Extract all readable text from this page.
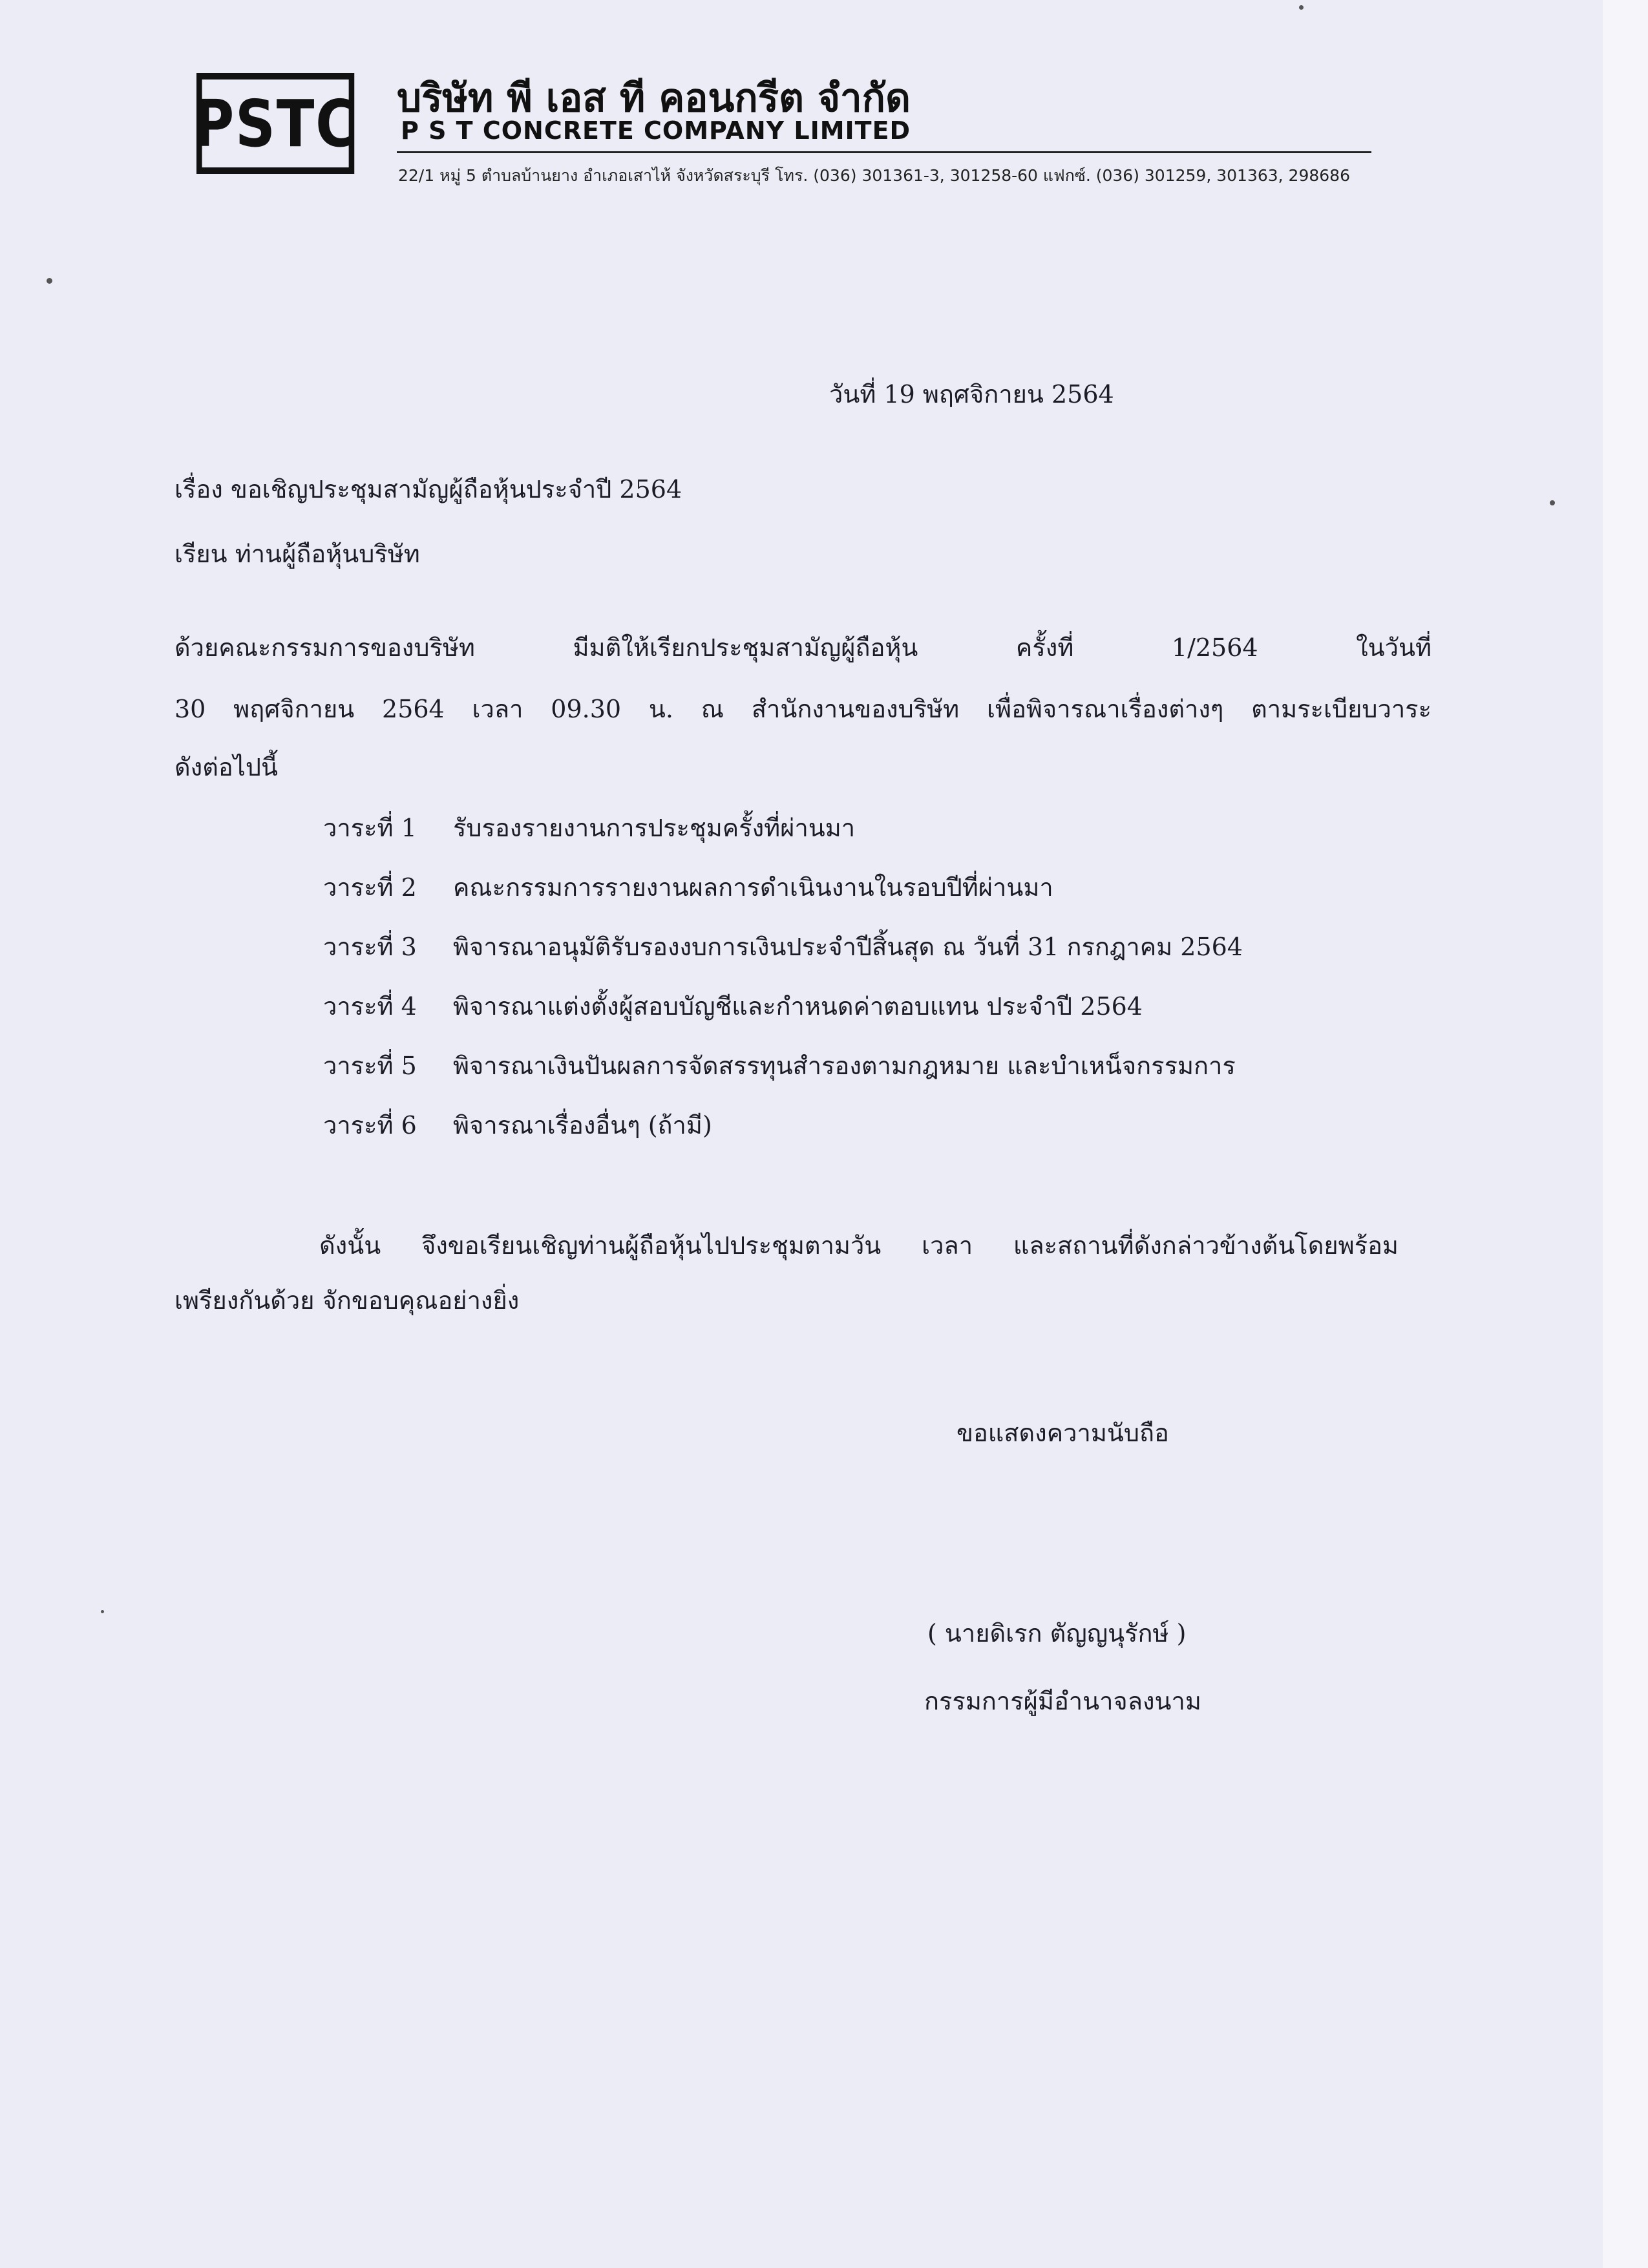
PSTC บริษัท พี เอส ที คอนกรีต จำกัด
P S T CONCRETE COMPANY LIMITED
22/1 หมู่ 5 ตำบลบ้านยาง อำเภอเสาไห้ จังหวัดสระบุรี โทร. (036) 301361-3, 301258-60 แฟกซ์. (036) 301259, 301363, 298686
วันที่ 19 พฤศจิกายน 2564
เรื่อง ขอเชิญประชุมสามัญผู้ถือหุ้นประจำปี 2564
เรียน ท่านผู้ถือหุ้นบริษัท
ด้วยคณะกรรมการของบริษัท มีมติให้เรียกประชุมสามัญผู้ถือหุ้น ครั้งที่ 1/2564 ในวันที่
30 พฤศจิกายน 2564 เวลา 09.30 น. ณ สำนักงานของบริษัท เพื่อพิจารณาเรื่องต่างๆ ตามระเบียบวาระ
ดังต่อไปนี้
วาระที่ 1 รับรองรายงานการประชุมครั้งที่ผ่านมา
วาระที่ 2 คณะกรรมการรายงานผลการดำเนินงานในรอบปีที่ผ่านมา
วาระที่ 3 พิจารณาอนุมัติรับรองงบการเงินประจำปีสิ้นสุด ณ วันที่ 31 กรกฎาคม 2564
วาระที่ 4 พิจารณาแต่งตั้งผู้สอบบัญชีและกำหนดค่าตอบแทน ประจำปี 2564
วาระที่ 5 พิจารณาเงินปันผลการจัดสรรทุนสำรองตามกฎหมาย และบำเหน็จกรรมการ
วาระที่ 6 พิจารณาเรื่องอื่นๆ (ถ้ามี)
ดังนั้น จึงขอเรียนเชิญท่านผู้ถือหุ้นไปประชุมตามวัน เวลา และสถานที่ดังกล่าวข้างต้นโดยพร้อม
เพรียงกันด้วย จักขอบคุณอย่างยิ่ง
ขอแสดงความนับถือ
( นายดิเรก ตัญญนุรักษ์ )
กรรมการผู้มีอำนาจลงนาม
